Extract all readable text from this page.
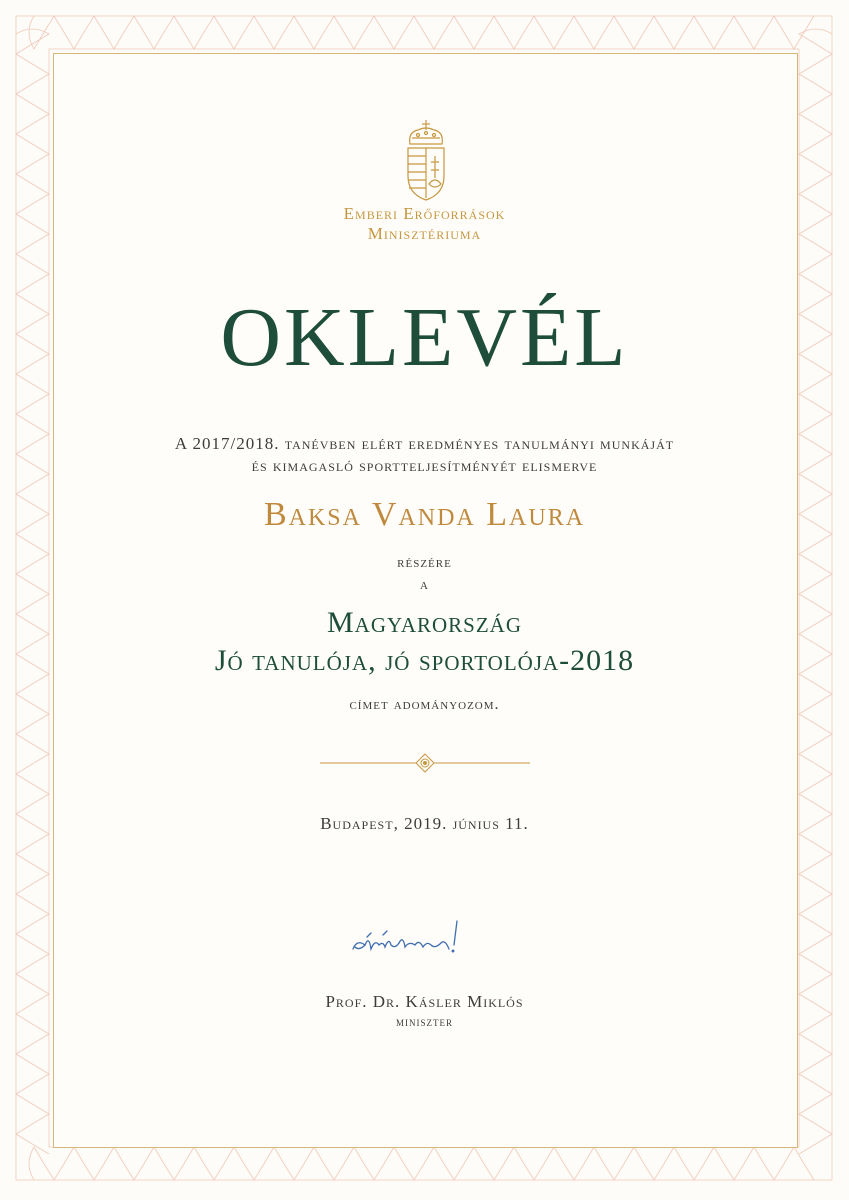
Emberi Erőforrások
Minisztériuma
OKLEVÉL
A 2017/2018. tanévben elért eredményes tanulmányi munkáját
és kimagasló sportteljesítményét elismerve
Baksa Vanda Laura
részére
a
Magyarország
Jó tanulója, jó sportolója-2018
címet adományozom.
Budapest, 2019. június 11.
Prof. Dr. Kásler Miklós
miniszter
